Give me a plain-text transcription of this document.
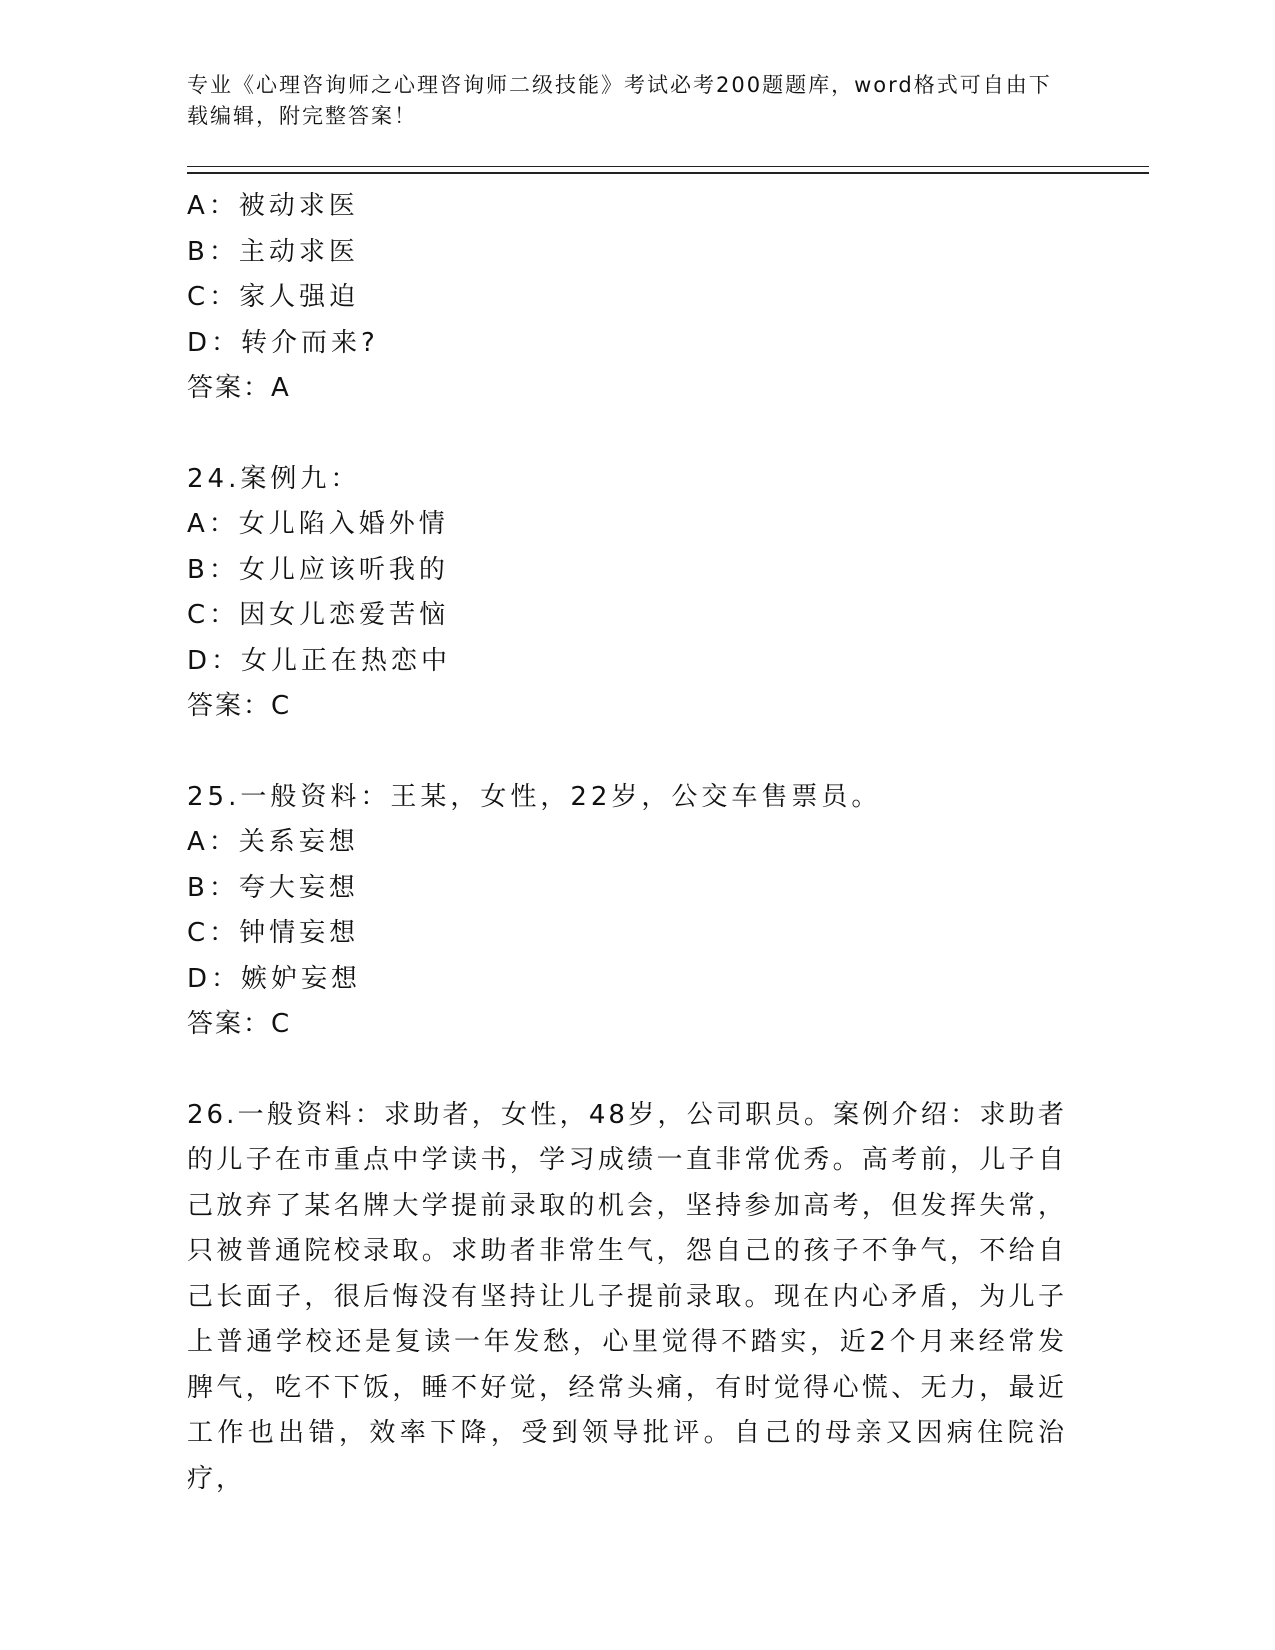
专业《心理咨询师之心理咨询师二级技能》考试必考200题题库，word格式可自由下载编辑，附完整答案！

A：被动求医

B：主动求医

C：家人强迫

D：转介而来?

答案：A

24.案例九：

A：女儿陷入婚外情

B：女儿应该听我的

C：因女儿恋爱苦恼

D：女儿正在热恋中

答案：C

25.一般资料：王某，女性，22岁，公交车售票员。

A：关系妄想

B：夸大妄想

C：钟情妄想

D：嫉妒妄想

答案：C

26.一般资料：求助者，女性，48岁，公司职员。案例介绍：求助者的儿子在市重点中学读书，学习成绩一直非常优秀。高考前，儿子自己放弃了某名牌大学提前录取的机会，坚持参加高考，但发挥失常，只被普通院校录取。求助者非常生气，怨自己的孩子不争气，不给自己长面子，很后悔没有坚持让儿子提前录取。现在内心矛盾，为儿子上普通学校还是复读一年发愁，心里觉得不踏实，近2个月来经常发脾气，吃不下饭，睡不好觉，经常头痛，有时觉得心慌、无力，最近工作也出错，效率下降，受到领导批评。自己的母亲又因病住院治疗，
